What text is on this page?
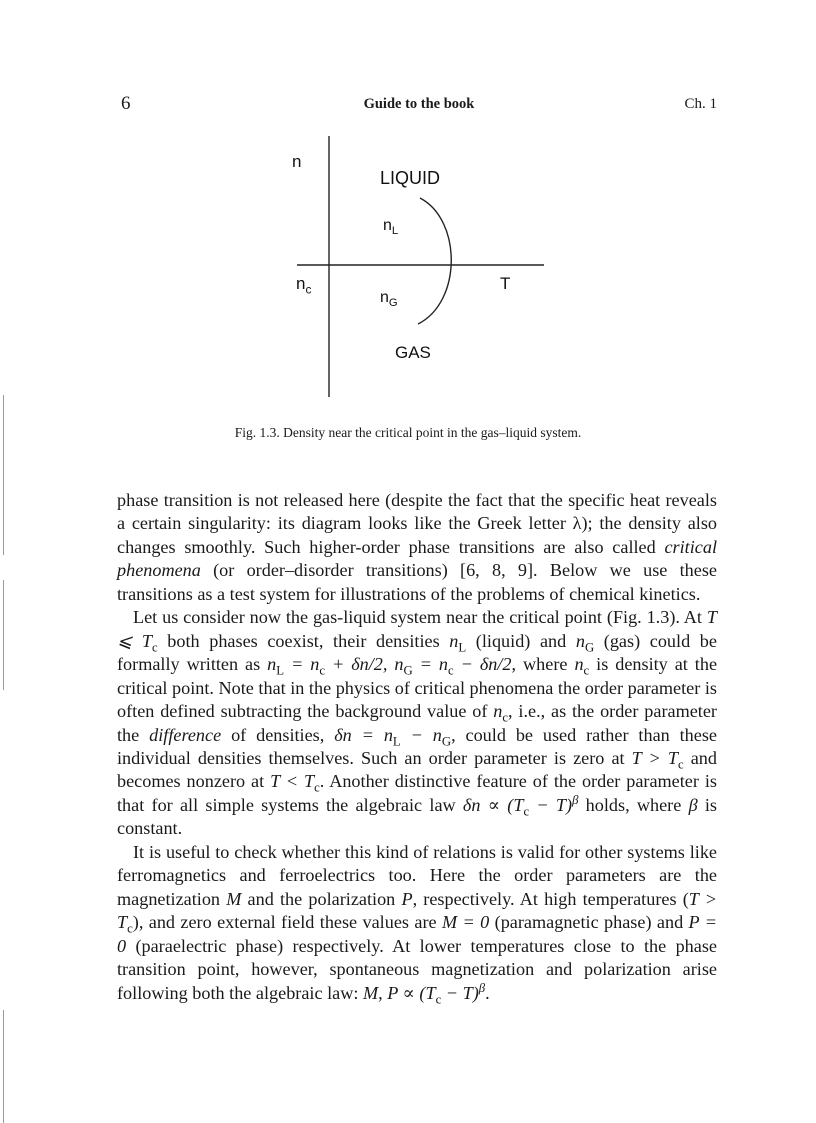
6	Guide to the book	Ch. 1
n
LIQUID
$n_L$
$n_c$	$n_G$
T
GAS
Fig. 1.3. Density near the critical point in the gas–liquid system.

phase transition is not released here (despite the fact that the specific heat reveals a certain singularity: its diagram looks like the Greek letter λ); the density also changes smoothly. Such higher-order phase transitions are also called critical phenomena (or order–disorder transitions) [6, 8, 9]. Below we use these transitions as a test system for illustrations of the problems of chemical kinetics.

Let us consider now the gas-liquid system near the critical point (Fig. 1.3). At T ⩽ $T_c$ both phases coexist, their densities $n_L$ (liquid) and $n_G$ (gas) could be formally written as $n_L = n_c + \delta n/2$, $n_G = n_c - \delta n/2$, where $n_c$ is density at the critical point. Note that in the physics of critical phenomena the order parameter is often defined subtracting the background value of $n_c$, i.e., as the order parameter the difference of densities, $\delta n = n_L - n_G$, could be used rather than these individual densities themselves. Such an order parameter is zero at $T > T_c$ and becomes nonzero at $T < T_c$. Another distinctive feature of the order parameter is that for all simple systems the algebraic law $\delta n \propto (T_c - T)^\beta$ holds, where β is constant.

It is useful to check whether this kind of relations is valid for other systems like ferromagnetics and ferroelectrics too. Here the order parameters are the magnetization M and the polarization P, respectively. At high temperatures $(T > T_c)$, and zero external field these values are M = 0 (paramagnetic phase) and P = 0 (paraelectric phase) respectively. At lower temperatures close to the phase transition point, however, spontaneous magnetization and polarization arise following both the algebraic law: M, $P \propto (T_c - T)^\beta$.
